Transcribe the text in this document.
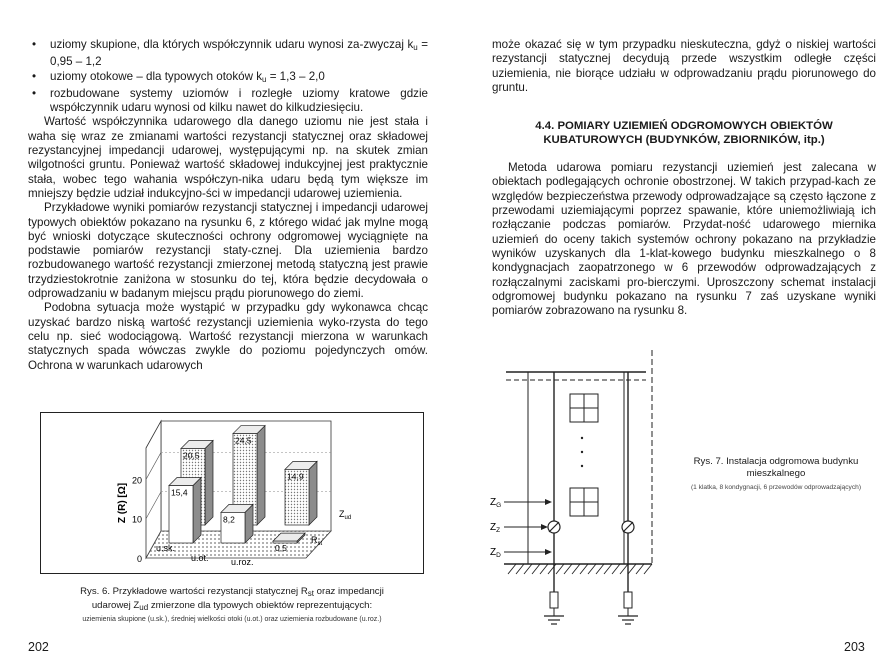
• uziomy skupione, dla których współczynnik udaru wynosi za-zwyczaj $k_u = 0,95 - 1,2$
• uziomy otokowe – dla typowych otoków $k_u = 1,3 - 2,0$
• rozbudowane systemy uziomów i rozległe uziomy kratowe gdzie współczynnik udaru wynosi od kilku nawet do kilkudziesięciu.

Wartość współczynnika udarowego dla danego uziomu nie jest stała i waha się wraz ze zmianami wartości rezystancji statycznej oraz składowej rezystancyjnej impedancji udarowej, występującymi np. na skutek zmian wilgotności gruntu. Ponieważ wartość składowej indukcyjnej jest praktycznie stała, wobec tego wahania współczyn-nika udaru będą tym większe im mniejszy będzie udział indukcyjno-ści w impedancji udarowej uziemienia.

Przykładowe wyniki pomiarów rezystancji statycznej i impedancji udarowej typowych obiektów pokazano na rysunku 6, z którego widać jak mylne mogą być wnioski dotyczące skuteczności ochrony odgromowej wyciągnięte na podstawie pomiarów rezystancji staty-cznej. Dla uziemienia bardzo rozbudowanego wartość rezystancji zmierzonej metodą statyczną jest prawie trzydziestokrotnie zaniżona w stosunku do tej, która będzie decydowała o odprowadzaniu w badanym miejscu prądu piorunowego do ziemi.

Podobna sytuacja może wystąpić w przypadku gdy wykonawca chcąc uzyskać bardzo niską wartość rezystancji uziemienia wyko-rzysta do tego celu np. sieć wodociągową. Wartość rezystancji mierzona w warunkach statycznych spada wówczas zwykle do poziomu pojedynczych omów. Ochrona w warunkach udarowych

0
10
20
u.sk.
u.ot. u.roz.
20,5
24,5
14,9
15,4
8,2
0,5
Z (R) [Ω]	$Z_{ud}$
$R_{st}$
Rys. 6. Przykładowe wartości rezystancji statycznej $R_{st}$ oraz impedancji
udarowej $Z_{ud}$ zmierzone dla typowych obiektów reprezentujących:
uziemienia skupione (u.sk.), średniej wielkości otoki (u.ot.) oraz uziemienia rozbudowane (u.roz.)
202

może okazać się w tym przypadku nieskuteczna, gdyż o niskiej wartości rezystancji statycznej decydują przede wszystkim odległe części uziemienia, nie biorące udziału w odprowadzaniu prądu piorunowego do gruntu.

4.4. POMIARY UZIEMIEŃ ODGROMOWYCH OBIEKTÓW KUBATUROWYCH (BUDYNKÓW, ZBIORNIKÓW, itp.)

Metoda udarowa pomiaru rezystancji uziemień jest zalecana w obiektach podlegających ochronie obostrzonej. W takich przypad-kach ze względów bezpieczeństwa przewody odprowadzające są często łączone z przewodami uziemiającymi poprzez spawanie, które uniemożliwiają ich rozłączanie podczas pomiarów. Przydat-ność udarowego miernika uziemień do oceny takich systemów ochrony pokazano na przykładzie wyników uzyskanych dla 1-klat-kowego budynku mieszkalnego o 8 kondygnacjach zaopatrzonego w 6 przewodów odprowadzających z rozłączalnymi zaciskami pro-bierczymi. Uproszczony schemat instalacji odgromowej budynku pokazano na rysunku 7 zaś uzyskane wyniki pomiarów zobrazowano na rysunku 8.

$Z_G$
$Z_Z$
$Z_D$
Rys. 7. Instalacja odgromowa budynku
mieszkalnego
(1 klatka, 8 kondygnacji, 6 przewodów odprowadzających)
203
